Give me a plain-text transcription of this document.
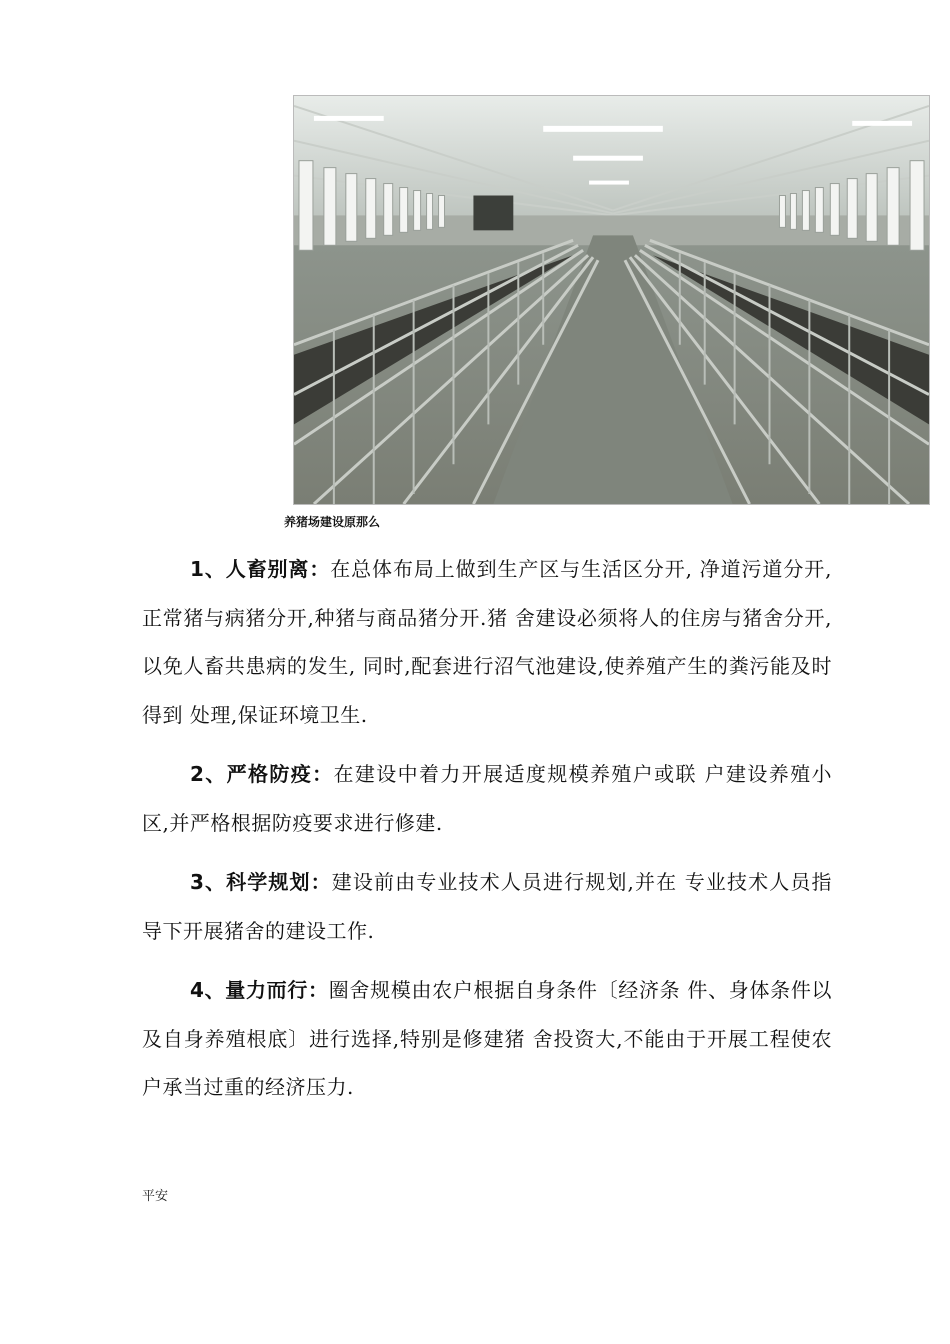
养猪场建设原那么

1、人畜别离：在总体布局上做到生产区与生活区分开, 净道污道分开,正常猪与病猪分开,种猪与商品猪分开.猪 舍建设必须将人的住房与猪舍分开,以免人畜共患病的发生, 同时,配套进行沼气池建设,使养殖产生的粪污能及时得到 处理,保证环境卫生.

2、严格防疫：在建设中着力开展适度规模养殖户或联 户建设养殖小区,并严格根据防疫要求进行修建.

3、科学规划：建设前由专业技术人员进行规划,并在 专业技术人员指导下开展猪舍的建设工作.

4、量力而行：圈舍规模由农户根据自身条件〔经济条 件、身体条件以及自身养殖根底〕进行选择,特别是修建猪 舍投资大,不能由于开展工程使农户承当过重的经济压力.

平安
